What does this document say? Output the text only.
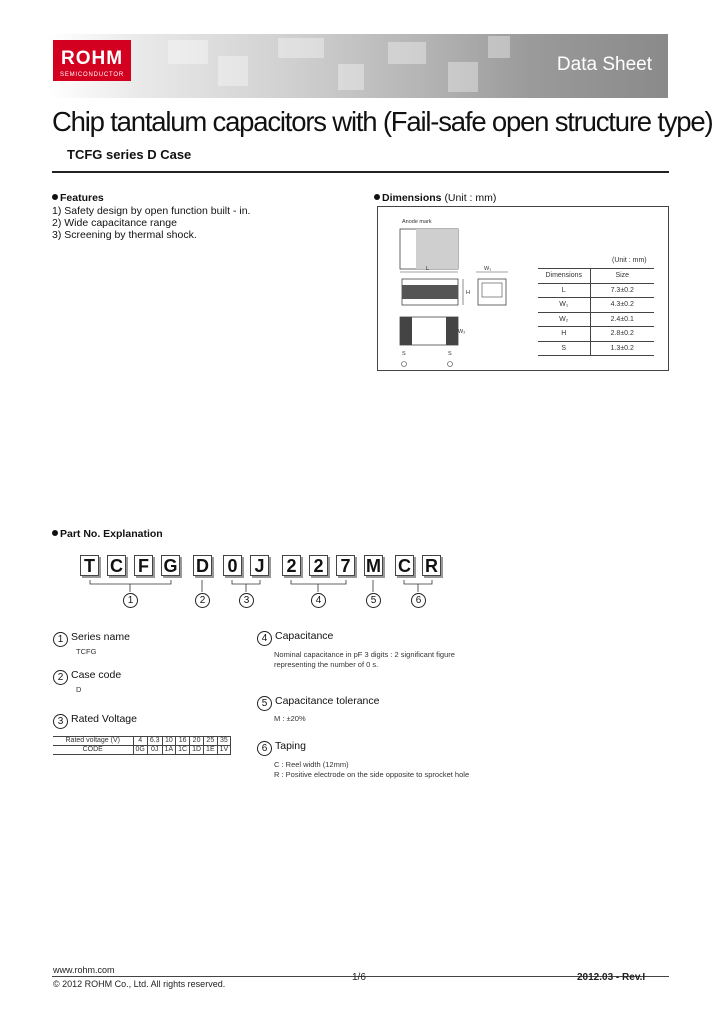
ROHM
SEMICONDUCTOR	Data Sheet
Chip tantalum capacitors with (Fail-safe open structure type)
TCFG series D Case
Features
1) Safety design by open function built - in.
2) Wide capacitance range
3) Screening by thermal shock.
Dimensions (Unit : mm)
Anode mark
L
H
W₁
W₂
S	S
(Unit : mm)
Dimensions	Size
L	7.3±0.2
W₁	4.3±0.2
W₂	2.4±0.1
H	2.8±0.2
S	1.3±0.2
Part No. Explanation
T C F G D 0 J 2 2 7 M C R
1	2	3	4	5	6
1 Series name
TCFG
2 Case code
D
3 Rated Voltage
Rated voltage (V)	4	6.3	10	16	20	25	35
CODE	0G	0J	1A	1C	1D	1E	1V
4 Capacitance
Nominal capacitance in pF 3 digits : 2 significant figure
representing the number of 0 s.
5 Capacitance tolerance
M : ±20%
6 Taping
C : Reel width (12mm)
R : Positive electrode on the side opposite to sprocket hole
www.rohm.com
© 2012 ROHM Co., Ltd. All rights reserved.
1/6	2012.03 - Rev.I
